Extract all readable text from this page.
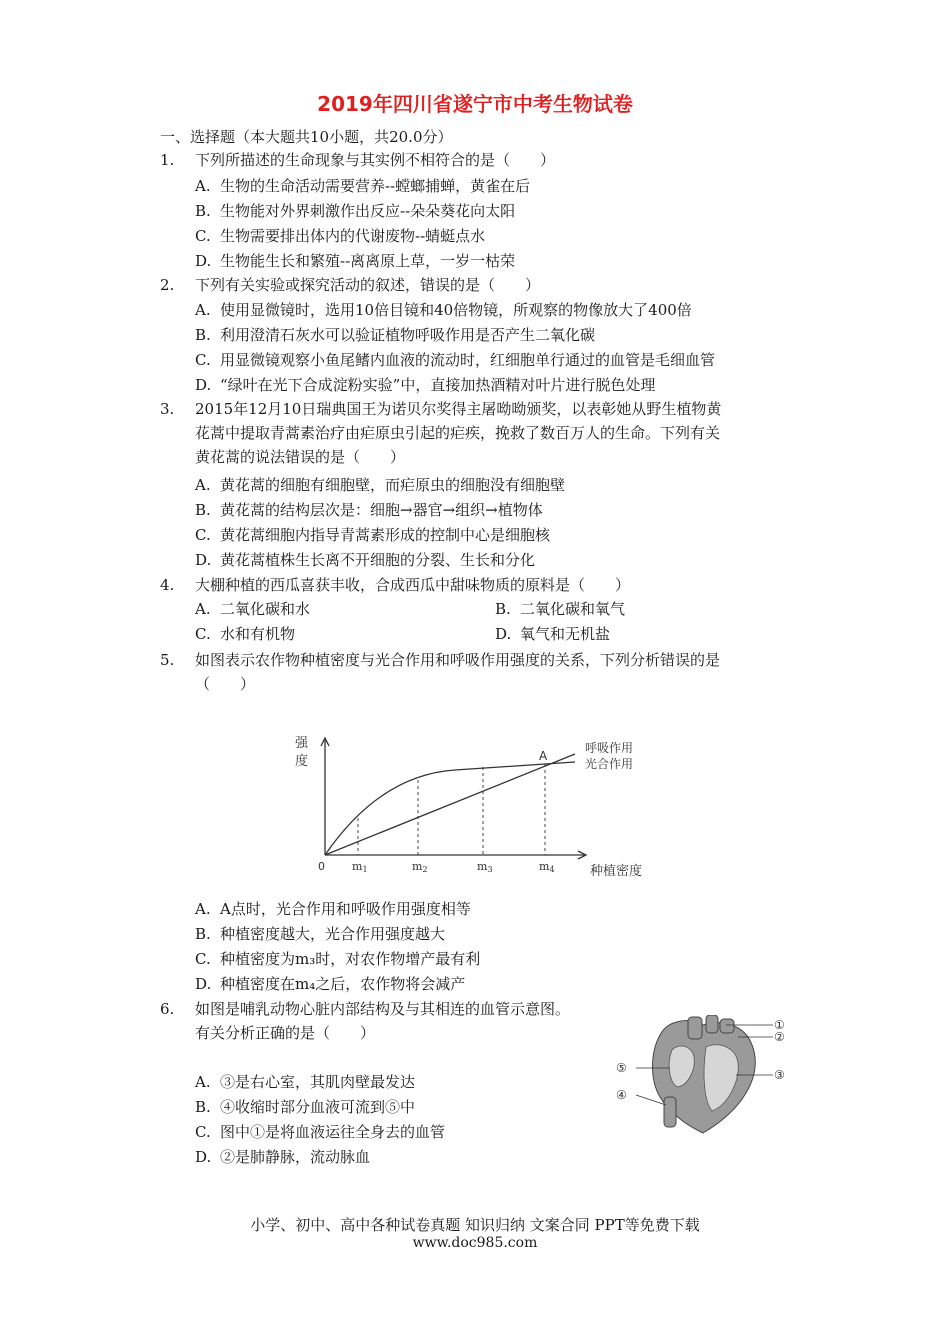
2019年四川省遂宁市中考生物试卷
一、选择题（本大题共10小题，共20.0分）
1. 下列所描述的生命现象与其实例不相符合的是（　　）
A. 生物的生命活动需要营养--螳螂捕蝉，黄雀在后
B. 生物能对外界刺激作出反应--朵朵葵花向太阳
C. 生物需要排出体内的代谢废物--蜻蜓点水
D. 生物能生长和繁殖--离离原上草，一岁一枯荣
2. 下列有关实验或探究活动的叙述，错误的是（　　）
A. 使用显微镜时，选用10倍目镜和40倍物镜，所观察的物像放大了400倍
B. 利用澄清石灰水可以验证植物呼吸作用是否产生二氧化碳
C. 用显微镜观察小鱼尾鳍内血液的流动时，红细胞单行通过的血管是毛细血管
D. “绿叶在光下合成淀粉实验”中，直接加热酒精对叶片进行脱色处理
3. 2015年12月10日瑞典国王为诺贝尔奖得主屠呦呦颁奖，以表彰她从野生植物黄
花蒿中提取青蒿素治疗由疟原虫引起的疟疾，挽救了数百万人的生命。下列有关
黄花蒿的说法错误的是（　　）
A. 黄花蒿的细胞有细胞壁，而疟原虫的细胞没有细胞壁
B. 黄花蒿的结构层次是：细胞→器官→组织→植物体
C. 黄花蒿细胞内指导青蒿素形成的控制中心是细胞核
D. 黄花蒿植株生长离不开细胞的分裂、生长和分化
4. 大棚种植的西瓜喜获丰收，合成西瓜中甜味物质的原料是（　　）
A. 二氧化碳和水	B. 二氧化碳和氧气
C. 水和有机物	D. 氧气和无机盐
5. 如图表示农作物种植密度与光合作用和呼吸作用强度的关系，下列分析错误的是
（　　）
强
度
0	种植密度
m1	m2	m3	m4
A
呼吸作用
光合作用
A. A点时，光合作用和呼吸作用强度相等
B. 种植密度越大，光合作用强度越大
C. 种植密度为m₃时，对农作物增产最有利
D. 种植密度在m₄之后，农作物将会减产
6. 如图是哺乳动物心脏内部结构及与其相连的血管示意图。
有关分析正确的是（　　）	①
②
③
④
⑤
A. ③是右心室，其肌肉壁最发达
B. ④收缩时部分血液可流到⑤中
C. 图中①是将血液运往全身去的血管
D. ②是肺静脉，流动脉血
小学、初中、高中各种试卷真题 知识归纳 文案合同 PPT等免费下载
www.doc985.com
